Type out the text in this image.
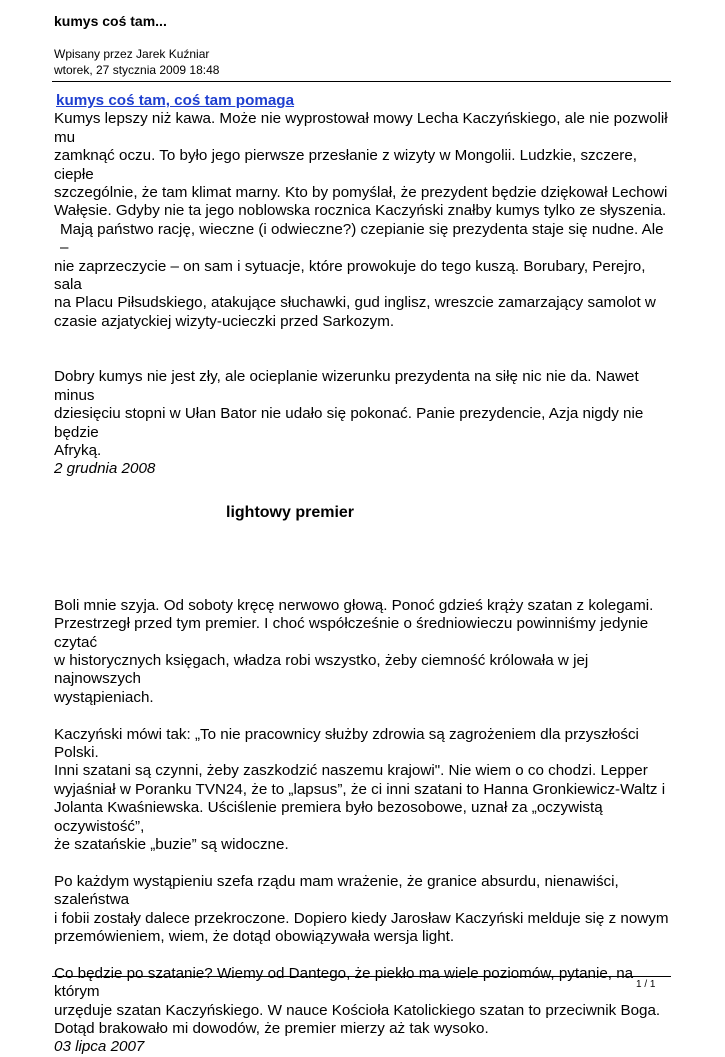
kumys coś tam...
Wpisany przez Jarek Kuźniar
wtorek, 27 stycznia 2009 18:48
kumys coś tam, coś tam pomaga
Kumys lepszy niż kawa. Może nie wyprostował mowy Lecha Kaczyńskiego, ale nie pozwolił mu
zamknąć oczu. To było jego pierwsze przesłanie z wizyty w Mongolii. Ludzkie, szczere, ciepłe
szczególnie, że tam klimat marny. Kto by pomyślał, że prezydent będzie dziękował Lechowi
Wałęsie. Gdyby nie ta jego noblowska rocznica Kaczyński znałby kumys tylko ze słyszenia.
Mają państwo rację, wieczne (i odwieczne?) czepianie się prezydenta staje się nudne. Ale –
nie zaprzeczycie – on sam i sytuacje, które prowokuje do tego kuszą. Borubary, Perejro, sala
na Placu Piłsudskiego, atakujące słuchawki, gud inglisz, wreszcie zamarzający samolot w
czasie azjatyckiej wizyty-ucieczki przed Sarkozym.
Dobry kumys nie jest zły, ale ocieplanie wizerunku prezydenta na siłę nic nie da. Nawet minus
dziesięciu stopni w Ułan Bator nie udało się pokonać. Panie prezydencie, Azja nigdy nie będzie
Afryką.
2 grudnia 2008
lightowy premier
Boli mnie szyja. Od soboty kręcę nerwowo głową. Ponoć gdzieś krąży szatan z kolegami.
Przestrzegł przed tym premier. I choć współcześnie o średniowieczu powinniśmy jedynie czytać
w historycznych księgach, władza robi wszystko, żeby ciemność królowała w jej najnowszych
wystąpieniach.
Kaczyński mówi tak: „To nie pracownicy służby zdrowia są zagrożeniem dla przyszłości Polski.
Inni szatani są czynni, żeby zaszkodzić naszemu krajowi". Nie wiem o co chodzi. Lepper
wyjaśniał w Poranku TVN24, że to „lapsus”, że ci inni szatani to Hanna Gronkiewicz-Waltz i
Jolanta Kwaśniewska. Uściślenie premiera było bezosobowe, uznał za „oczywistą oczywistość”,
że szatańskie „buzie” są widoczne.
Po każdym wystąpieniu szefa rządu mam wrażenie, że granice absurdu, nienawiści, szaleństwa
i fobii zostały dalece przekroczone. Dopiero kiedy Jarosław Kaczyński melduje się z nowym
przemówieniem, wiem, że dotąd obowiązywała wersja light.
Co będzie po szatanie? Wiemy od Dantego, że piekło ma wiele poziomów, pytanie, na którym
urzęduje szatan Kaczyńskiego. W nauce Kościoła Katolickiego szatan to przeciwnik Boga.
Dotąd brakowało mi dowodów, że premier mierzy aż tak wysoko.
03 lipca 2007
1 / 1
